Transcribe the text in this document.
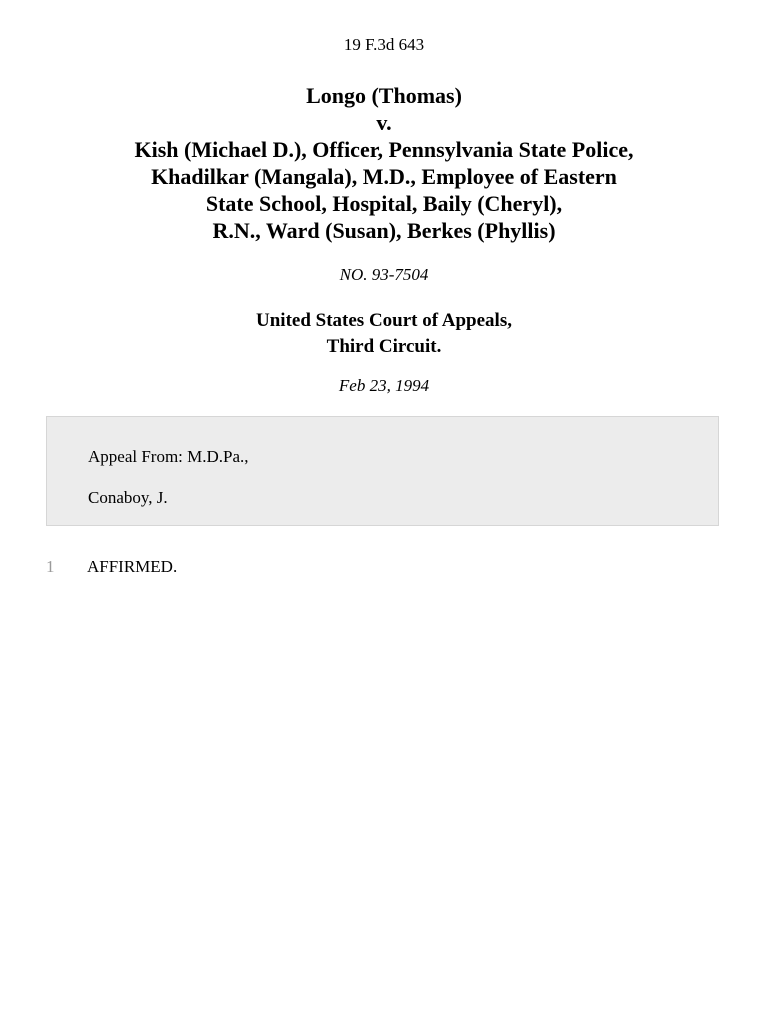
19 F.3d 643
Longo (Thomas)
v.
Kish (Michael D.), Officer, Pennsylvania State Police,
Khadilkar (Mangala), M.D., Employee of Eastern
State School, Hospital, Baily (Cheryl),
R.N., Ward (Susan), Berkes (Phyllis)
NO. 93-7504
United States Court of Appeals,
Third Circuit.
Feb 23, 1994
Appeal From: M.D.Pa.,
Conaboy, J.
1 AFFIRMED.
